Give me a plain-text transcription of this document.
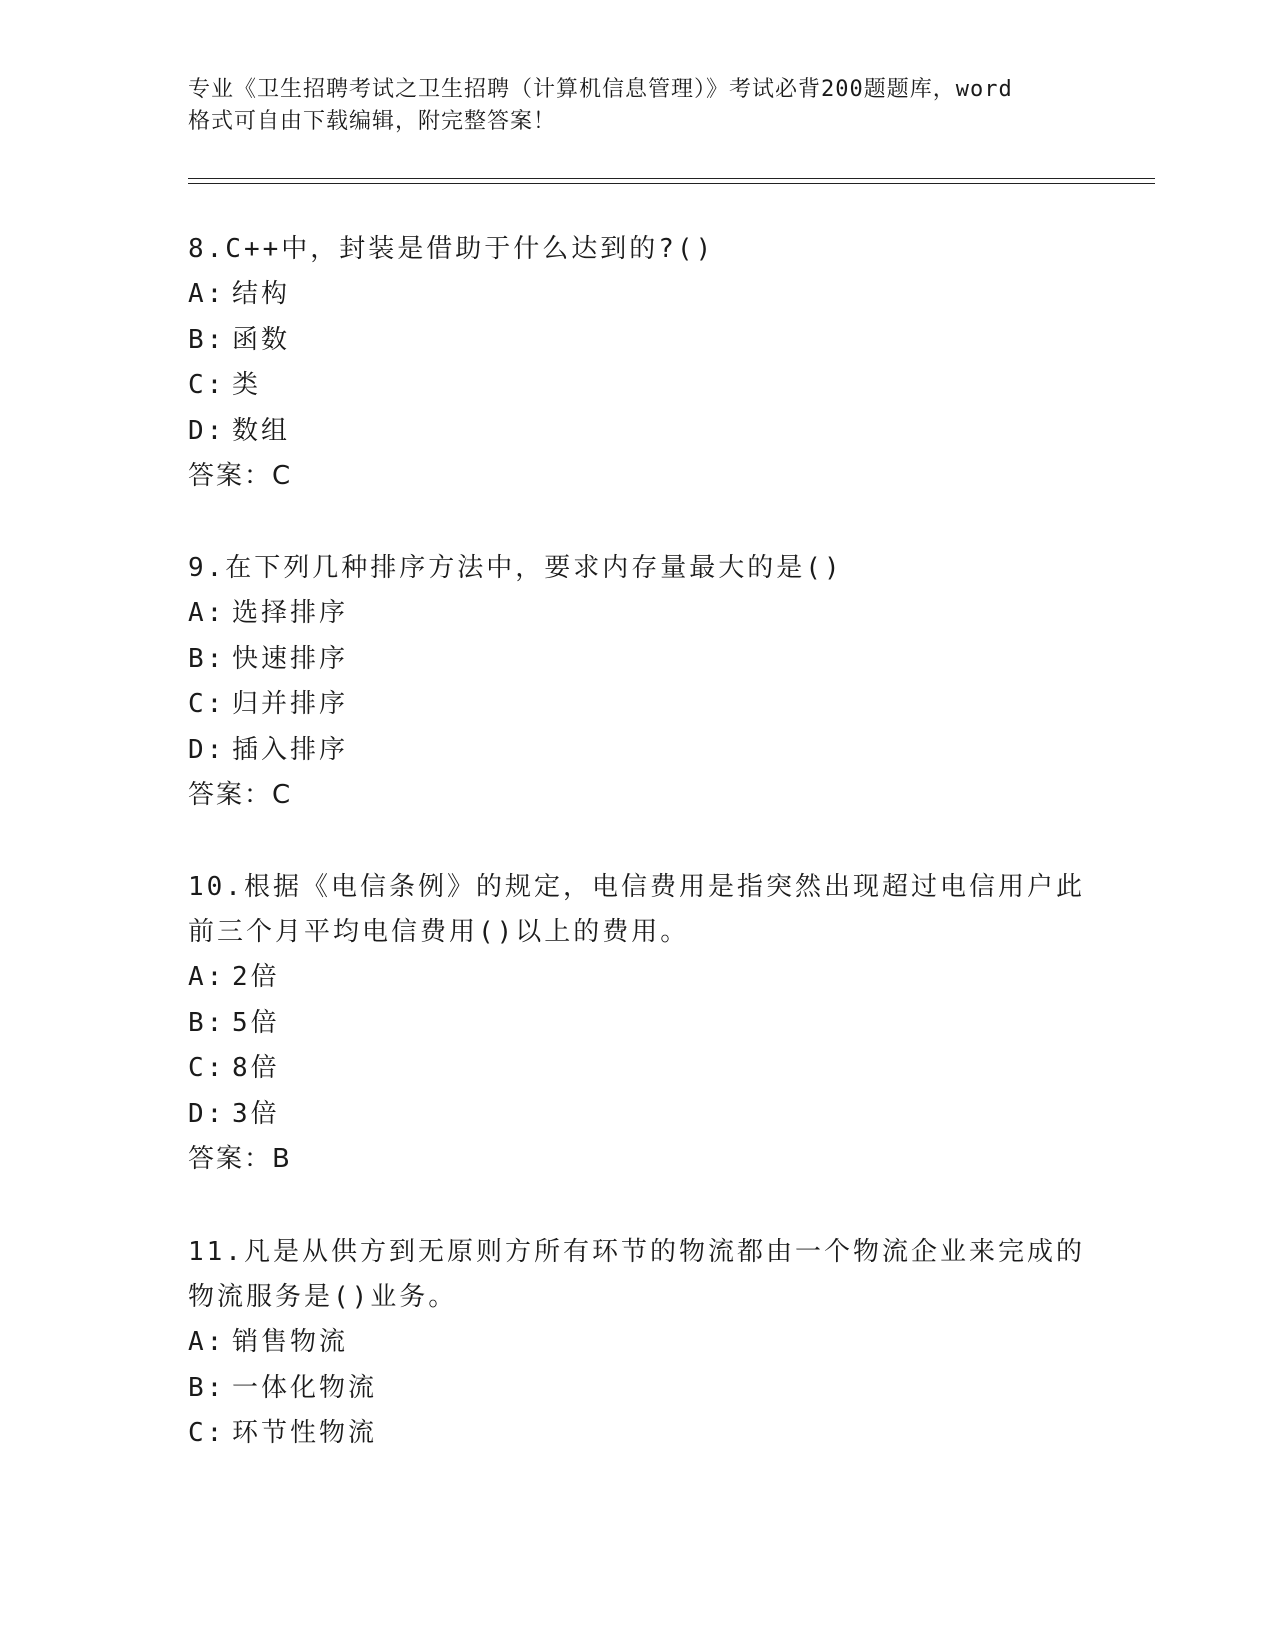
专业《卫生招聘考试之卫生招聘（计算机信息管理）》考试必背200题题库，word
格式可自由下载编辑，附完整答案！
8.C++中，封装是借助于什么达到的?()
A: 结构
B: 函数
C: 类
D: 数组
答案：C
9.在下列几种排序方法中，要求内存量最大的是()
A: 选择排序
B: 快速排序
C: 归并排序
D: 插入排序
答案：C
10.根据《电信条例》的规定，电信费用是指突然出现超过电信用户此
前三个月平均电信费用()以上的费用。
A: 2倍
B: 5倍
C: 8倍
D: 3倍
答案：B
11.凡是从供方到无原则方所有环节的物流都由一个物流企业来完成的
物流服务是()业务。
A: 销售物流
B: 一体化物流
C: 环节性物流
